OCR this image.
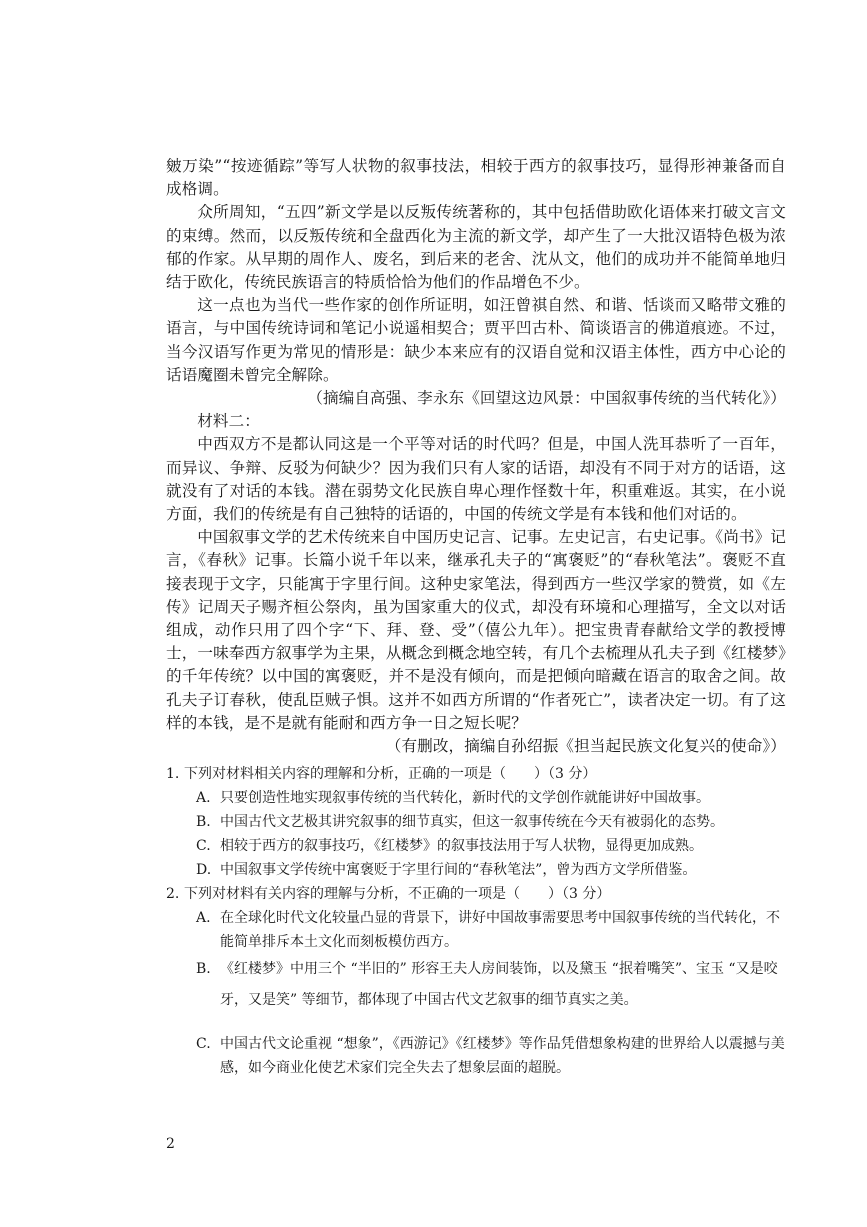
皴万染”“按迹循踪”等写人状物的叙事技法，相较于西方的叙事技巧，显得形神兼备而自成格调。

众所周知，“五四”新文学是以反叛传统著称的，其中包括借助欧化语体来打破文言文的束缚。然而，以反叛传统和全盘西化为主流的新文学，却产生了一大批汉语特色极为浓郁的作家。从早期的周作人、废名，到后来的老舍、沈从文，他们的成功并不能简单地归结于欧化，传统民族语言的特质恰恰为他们的作品增色不少。

这一点也为当代一些作家的创作所证明，如汪曾祺自然、和谐、恬谈而又略带文雅的语言，与中国传统诗词和笔记小说遥相契合；贾平凹古朴、简谈语言的佛道痕迹。不过，当今汉语写作更为常见的情形是：缺少本来应有的汉语自觉和汉语主体性，西方中心论的话语魔圈未曾完全解除。

（摘编自高强、李永东《回望这边风景：中国叙事传统的当代转化》）

材料二：

中西双方不是都认同这是一个平等对话的时代吗？但是，中国人洗耳恭听了一百年，而异议、争辩、反驳为何缺少？因为我们只有人家的话语，却没有不同于对方的话语，这就没有了对话的本钱。潜在弱势文化民族自卑心理作怪数十年，积重难返。其实，在小说方面，我们的传统是有自己独特的话语的，中国的传统文学是有本钱和他们对话的。

中国叙事文学的艺术传统来自中国历史记言、记事。左史记言，右史记事。《尚书》记言，《春秋》记事。长篇小说千年以来，继承孔夫子的“寓褒贬”的“春秋笔法”。褒贬不直接表现于文字，只能寓于字里行间。这种史家笔法，得到西方一些汉学家的赞赏，如《左传》记周天子赐齐桓公祭肉，虽为国家重大的仪式，却没有环境和心理描写，全文以对话组成，动作只用了四个字“下、拜、登、受”（僖公九年）。把宝贵青春献给文学的教授博士，一味奉西方叙事学为主果，从概念到概念地空转，有几个去梳理从孔夫子到《红楼梦》的千年传统？以中国的寓褒贬，并不是没有倾向，而是把倾向暗藏在语言的取舍之间。故孔夫子订春秋，使乱臣贼子惧。这并不如西方所谓的“作者死亡”，读者决定一切。有了这样的本钱，是不是就有能耐和西方争一日之短长呢？

（有删改，摘编自孙绍振《担当起民族文化复兴的使命》）

1. 下列对材料相关内容的理解和分析，正确的一项是（　　）（3 分）

A. 只要创造性地实现叙事传统的当代转化，新时代的文学创作就能讲好中国故事。

B. 中国古代文艺极其讲究叙事的细节真实，但这一叙事传统在今天有被弱化的态势。

C. 相较于西方的叙事技巧，《红楼梦》的叙事技法用于写人状物，显得更加成熟。

D. 中国叙事文学传统中寓褒贬于字里行间的“春秋笔法”，曾为西方文学所借鉴。

2. 下列对材料有关内容的理解与分析，不正确的一项是（　　）（3 分）

A. 在全球化时代文化较量凸显的背景下，讲好中国故事需要思考中国叙事传统的当代转化，不能简单排斥本土文化而刻板模仿西方。

B. 《红楼梦》中用三个 “半旧的” 形容王夫人房间装饰，以及黛玉 “抿着嘴笑”、宝玉 “又是咬牙，又是笑” 等细节，都体现了中国古代文艺叙事的细节真实之美。

C. 中国古代文论重视 “想象”，《西游记》《红楼梦》等作品凭借想象构建的世界给人以震撼与美感，如今商业化使艺术家们完全失去了想象层面的超脱。

2
